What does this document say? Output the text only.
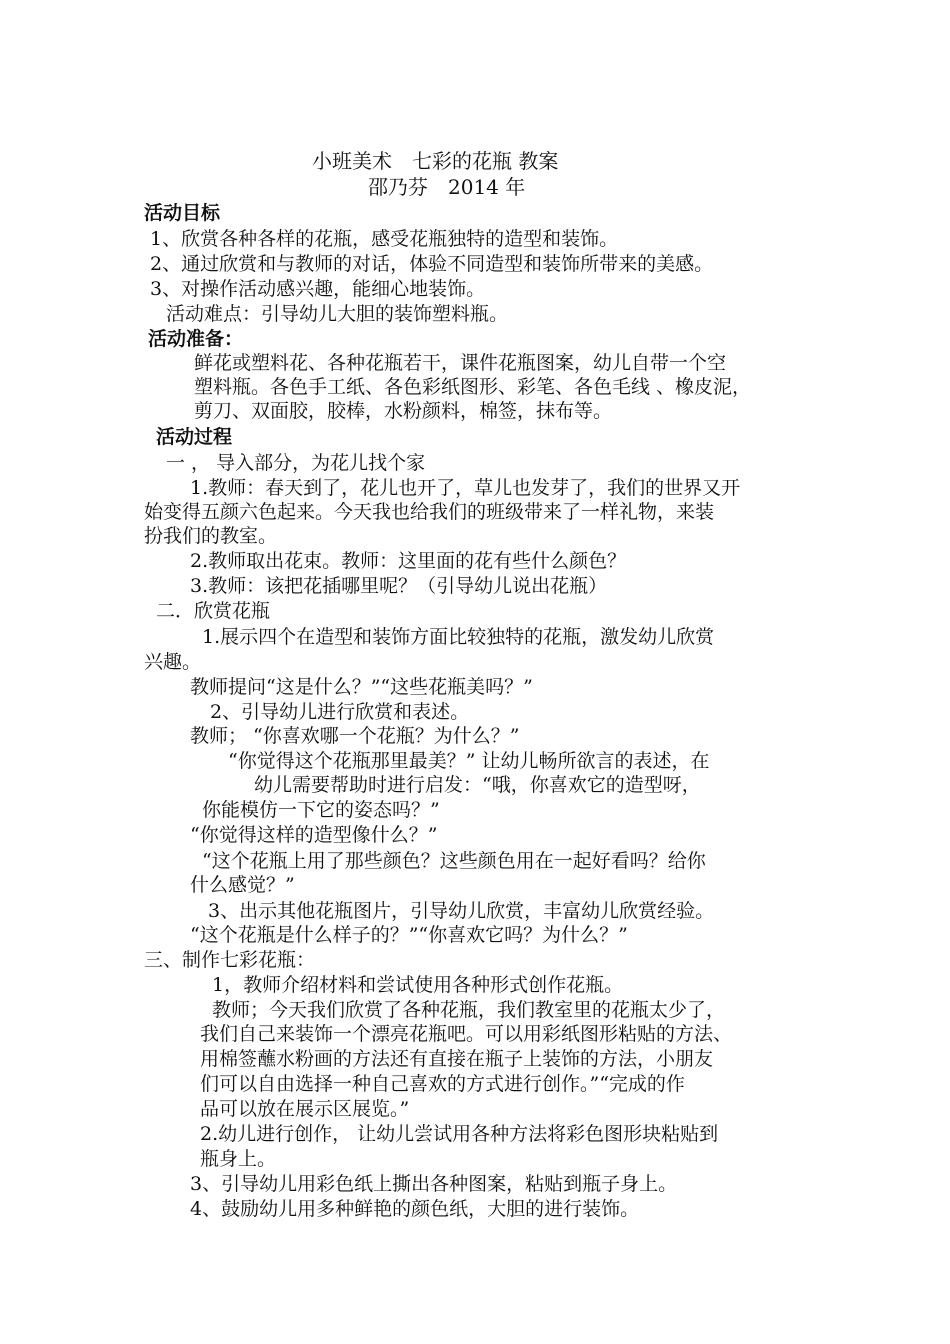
小班美术　七彩的花瓶 教案
邵乃芬　2014 年
活动目标
1、欣赏各种各样的花瓶，感受花瓶独特的造型和装饰。
2、通过欣赏和与教师的对话，体验不同造型和装饰所带来的美感。
3、对操作活动感兴趣，能细心地装饰。
活动难点：引导幼儿大胆的装饰塑料瓶。
活动准备：
鲜花或塑料花、各种花瓶若干，课件花瓶图案，幼儿自带一个空
塑料瓶。各色手工纸、各色彩纸图形、彩笔、各色毛线 、橡皮泥，
剪刀、双面胶，胶棒，水粉颜料，棉签，抹布等。
活动过程
一 ， 导入部分，为花儿找个家
1.教师：春天到了，花儿也开了，草儿也发芽了，我们的世界又开
始变得五颜六色起来。今天我也给我们的班级带来了一样礼物，来装
扮我们的教室。
2.教师取出花束。教师：这里面的花有些什么颜色？
3.教师：该把花插哪里呢？（引导幼儿说出花瓶）
二．欣赏花瓶
1.展示四个在造型和装饰方面比较独特的花瓶，激发幼儿欣赏
兴趣。
教师提问“这是什么？”“这些花瓶美吗？”
2、引导幼儿进行欣赏和表述。
教师； “你喜欢哪一个花瓶？为什么？”
“你觉得这个花瓶那里最美？” 让幼儿畅所欲言的表述，在
幼儿需要帮助时进行启发：“哦，你喜欢它的造型呀，
你能模仿一下它的姿态吗？”
“你觉得这样的造型像什么？”
“这个花瓶上用了那些颜色？这些颜色用在一起好看吗？给你
什么感觉？”
3、出示其他花瓶图片，引导幼儿欣赏，丰富幼儿欣赏经验。
“这个花瓶是什么样子的？”“你喜欢它吗？为什么？”
三、制作七彩花瓶：
1，教师介绍材料和尝试使用各种形式创作花瓶。
教师；今天我们欣赏了各种花瓶，我们教室里的花瓶太少了，
我们自己来装饰一个漂亮花瓶吧。可以用彩纸图形粘贴的方法、
用棉签蘸水粉画的方法还有直接在瓶子上装饰的方法，小朋友
们可以自由选择一种自己喜欢的方式进行创作。”“完成的作
品可以放在展示区展览。”
2.幼儿进行创作， 让幼儿尝试用各种方法将彩色图形块粘贴到
瓶身上。
3、引导幼儿用彩色纸上撕出各种图案，粘贴到瓶子身上。
4、鼓励幼儿用多种鲜艳的颜色纸，大胆的进行装饰。
